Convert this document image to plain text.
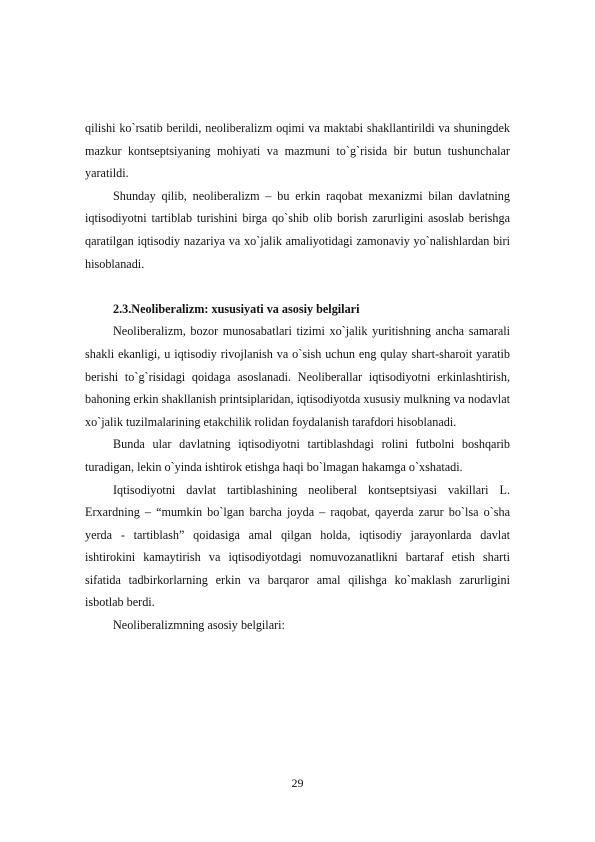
qilishi ko`rsatib berildi, neoliberalizm oqimi va maktabi shakllantirildi va shuningdek mazkur kontseptsiyaning mohiyati va mazmuni to`g`risida bir butun tushunchalar yaratildi.

Shunday qilib, neoliberalizm – bu erkin raqobat mexanizmi bilan davlatning iqtisodiyotni tartiblab turishini birga qo`shib olib borish zarurligini asoslab berishga qaratilgan iqtisodiy nazariya va xo`jalik amaliyotidagi zamonaviy yo`nalishlardan biri hisoblanadi.

2.3.Neoliberalizm: xususiyati va asosiy belgilari

Neoliberalizm, bozor munosabatlari tizimi xo`jalik yuritishning ancha samarali shakli ekanligi, u iqtisodiy rivojlanish va o`sish uchun eng qulay shart-sharoit yaratib berishi to`g`risidagi qoidaga asoslanadi. Neoliberallar iqtisodiyotni erkinlashtirish, bahoning erkin shakllanish printsiplaridan, iqtisodiyotda xususiy mulkning va nodavlat xo`jalik tuzilmalarining etakchilik rolidan foydalanish tarafdori hisoblanadi.

Bunda ular davlatning iqtisodiyotni tartiblashdagi rolini futbolni boshqarib turadigan, lekin o`yinda ishtirok etishga haqi bo`lmagan hakamga o`xshatadi.

Iqtisodiyotni davlat tartiblashining neoliberal kontseptsiyasi vakillari L. Erxardning – “mumkin bo`lgan barcha joyda – raqobat, qayerda zarur bo`lsa o`sha yerda - tartiblash” qoidasiga amal qilgan holda, iqtisodiy jarayonlarda davlat ishtirokini kamaytirish va iqtisodiyotdagi nomuvozanatlikni bartaraf etish sharti sifatida tadbirkorlarning erkin va barqaror amal qilishga ko`maklash zarurligini isbotlab berdi.

Neoliberalizmning asosiy belgilari:

29
